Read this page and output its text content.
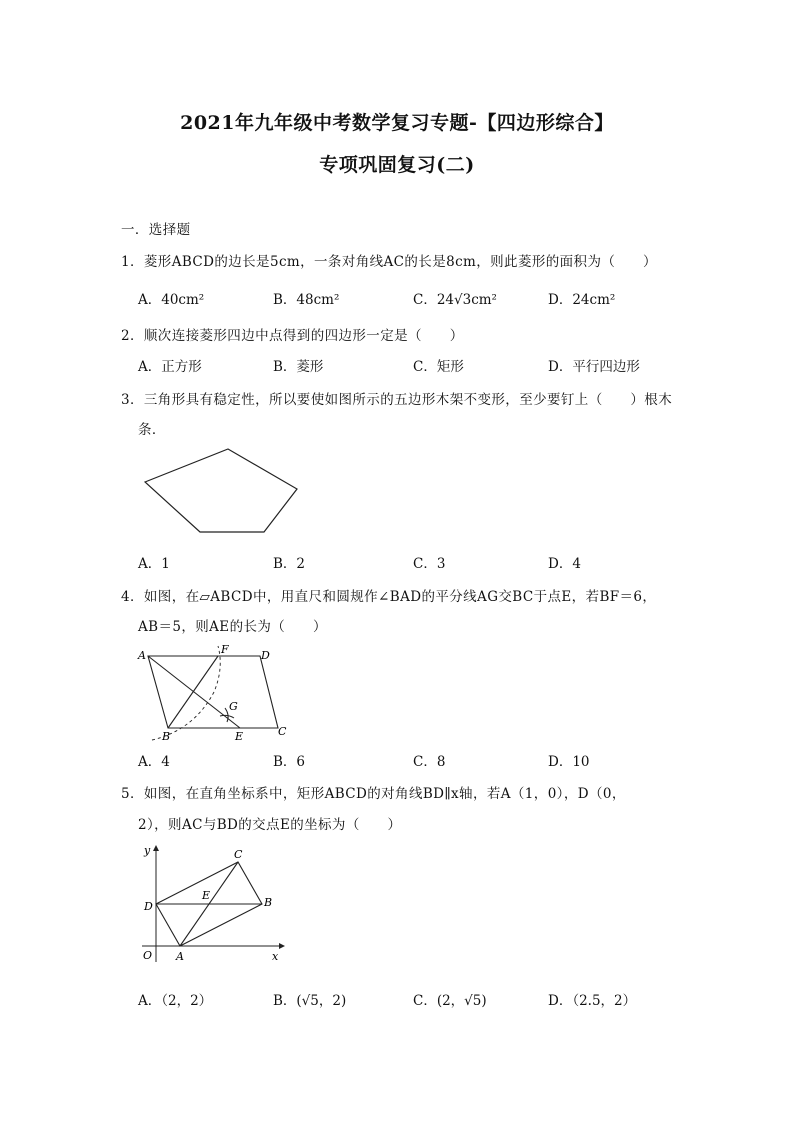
2021年九年级中考数学复习专题-【四边形综合】
专项巩固复习(二)
一．选择题
1．菱形ABCD的边长是5cm，一条对角线AC的长是8cm，则此菱形的面积为（　　）
A．40cm²	B．48cm²	C．24√3cm²	D．24cm²
2．顺次连接菱形四边中点得到的四边形一定是（　　）
A．正方形	B．菱形	C．矩形	D．平行四边形
3．三角形具有稳定性，所以要使如图所示的五边形木架不变形，至少要钉上（　　）根木
条．
A．1	B．2	C．3	D．4
4．如图，在▱ABCD中，用直尺和圆规作∠BAD的平分线AG交BC于点E，若BF＝6，
AB＝5，则AE的长为（　　）
A	F	D
G
B	E	C
A．4	B．6	C．8	D．10
5．如图，在直角坐标系中，矩形ABCD的对角线BD∥x轴，若A（1，0），D（0，
2），则AC与BD的交点E的坐标为（　　）
y
x
O A
B
C
D
E
A．（2，2）	B．(√5，2)	C．(2，√5)	D．（2.5，2）
